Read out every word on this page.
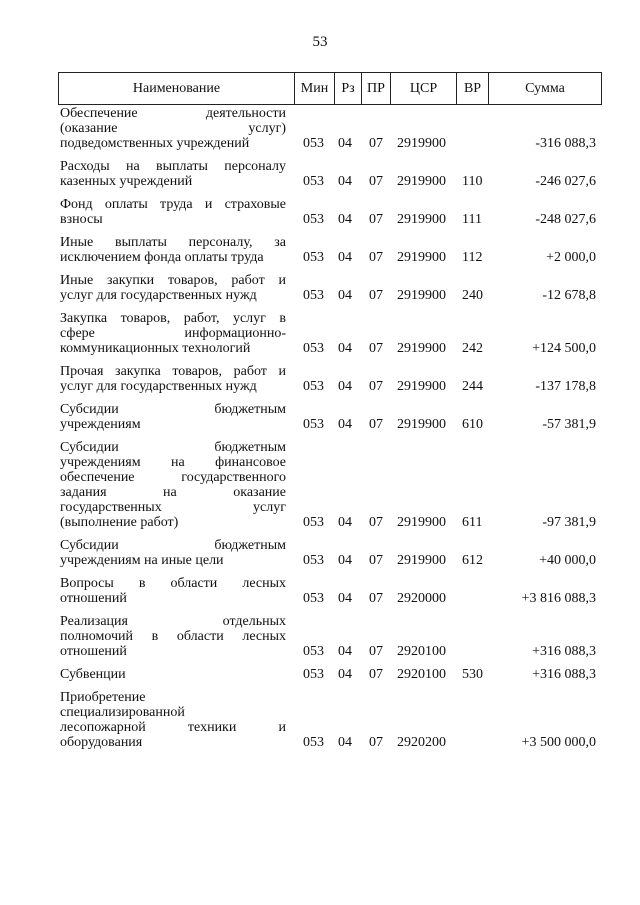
53
Наименование	Мин Рз ПР	ЦСР	ВР	Сумма
Обеспечение деятельности
(оказание услуг)
подведомственных учреждений	053 04 07 2919900	-316 088,3
Расходы на выплаты персоналу
казенных учреждений	053 04 07 2919900 110	-246 027,6
Фонд оплаты труда и страховые
взносы	053 04 07 2919900 111	-248 027,6
Иные выплаты персоналу, за
исключением фонда оплаты труда	053 04 07 2919900 112	+2 000,0
Иные закупки товаров, работ и
услуг для государственных нужд	053 04 07 2919900 240	-12 678,8
Закупка товаров, работ, услуг в
сфере информационно-
коммуникационных технологий	053 04 07 2919900 242	+124 500,0
Прочая закупка товаров, работ и
услуг для государственных нужд	053 04 07 2919900 244	-137 178,8
Субсидии бюджетным
учреждениям	053 04 07 2919900 610	-57 381,9
Субсидии бюджетным
учреждениям на финансовое
обеспечение государственного
задания на оказание
государственных услуг
(выполнение работ)	053 04 07 2919900 611	-97 381,9
Субсидии бюджетным
учреждениям на иные цели	053 04 07 2919900 612	+40 000,0
Вопросы в области лесных
отношений	053 04 07 2920000	+3 816 088,3
Реализация отдельных
полномочий в области лесных
отношений	053 04 07 2920100	+316 088,3
Субвенции	053 04 07 2920100 530	+316 088,3
Приобретение
специализированной
лесопожарной техники и
оборудования	053 04 07 2920200	+3 500 000,0
